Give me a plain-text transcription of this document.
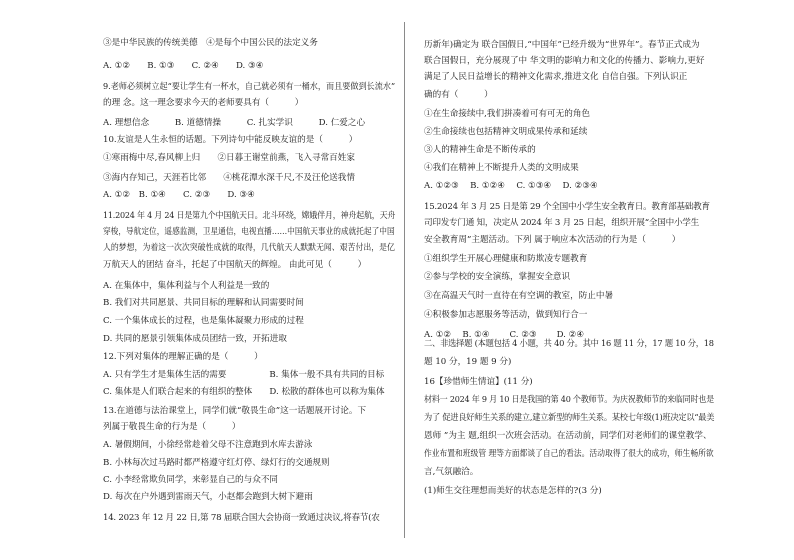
③是中华民族的传统美德　④是每个中国公民的法定义务
A. ①②　　B. ①③　　C. ②④　　D. ③④
9.老师必须树立起“要让学生有一杯水，自己就必须有一桶水，而且要做到长流水”
的理 念。这一理念要求今天的老师要具有（　　　）
A. 理想信念　　　B. 道德情操　　　C. 扎实学识　　　D. 仁爱之心
10.友谊是人生永恒的话题。下列诗句中能反映友谊的是（　　　）
①寒雨梅中尽,春风柳上归　　②日暮王谢堂前燕，飞入寻常百姓家
③海内存知己，天涯若比邻　　④桃花潭水深千尺,不及汪伦送我情
A. ①②　B. ①④　　C. ②③　　D. ③④
11.2024 年 4 月 24 日是第九个中国航天日。北斗环绕，嫦娥伴月，神舟起航，天舟
穿梭，导航定位，遥感监测，卫星通信，电视直播……中国航天事业的成就托起了中国
人的梦想，为着这一次次突破性成就的取得，几代航天人默默无闻、艰苦付出，是亿
万航天人的团结 奋斗，托起了中国航天的辉煌。 由此可见（　　　）
A. 在集体中，集体利益与个人利益是一致的
B. 我们对共同愿景、共同目标的理解和认同需要时间
C. 一个集体成长的过程，也是集体凝聚力形成的过程
D. 共同的愿景引领集体成员团结一致，开拓进取
12.下列对集体的理解正确的是（　　　）
A. 只有学生才是集体生活的需要　　　　　B. 集体一般不具有共同的目标
C. 集体是人们联合起来的有组织的整体　　D. 松散的群体也可以称为集体
13.在道德与法治课堂上，同学们就“敬畏生命”这一话题展开讨论。下
列属于敬畏生命的行为是（　　　）
A. 暑假期间，小徐经常趁着父母不注意跑到水库去游泳
B. 小林每次过马路时都严格遵守红灯停、绿灯行的交通规则
C. 小李经常欺负同学，来彰显自己的与众不同
D. 每次在户外遇到雷雨天气，小赵都会跑到大树下避雨
14. 2023 年 12 月 22 日,第 78 届联合国大会协商一致通过决议,将春节(农
历新年)确定为 联合国假日,“中国年”已经升级为“世界年”。春节正式成为
联合国假日，充分展现了中 华文明的影响力和文化的传播力、影响力,更好
满足了人民日益增长的精神文化需求,推进文化 自信自强。下列认识正
确的有（　　　）
①在生命接续中,我们拼凑着可有可无的角色
②生命接续也包括精神文明成果传承和延续
③人的精神生命是不断传承的
④我们在精神上不断提升人类的文明成果
A. ①②③　 B. ①②④　 C. ①③④　 D. ②③④
15.2024 年 3 月 25 日是第 29 个全国中小学生安全教育日。教育部基础教育
司印发专门通 知，决定从 2024 年 3 月 25 日起，组织开展“全国中小学生
安全教育周”主题活动。下列 属于响应本次活动的行为是（　　　）
①组织学生开展心理健康和防欺凌专题教育
②参与学校的安全演练，掌握安全意识
③在高温天气时一直待在有空调的教室，防止中暑
④积极参加志愿服务等活动，做到知行合一
A. ①②　 B. ①④　　 C. ②③　　 D. ②④
二、非选择题 (本题包括 4 小题，共 40 分。其中 16 题 11 分，17 题 10 分，18
题 10 分，19 题 9 分)
16【珍惜师生情谊】(11 分)
材料一 2024 年 9 月 10 日是我国的第 40 个教师节。为庆祝教师节的来临同时也是
为了 促进良好师生关系的建立,建立新型的师生关系。某校七年级(1)班决定以“最美
恩师 ”为主 题,组织一次班会活动。在活动前，同学们对老师们的课堂教学、
作业布置和班级管 理等方面都谈了自己的看法。活动取得了很大的成功，师生畅所欲
言,气氛融洽。
(1)师生交往理想而美好的状态是怎样的?(3 分)
